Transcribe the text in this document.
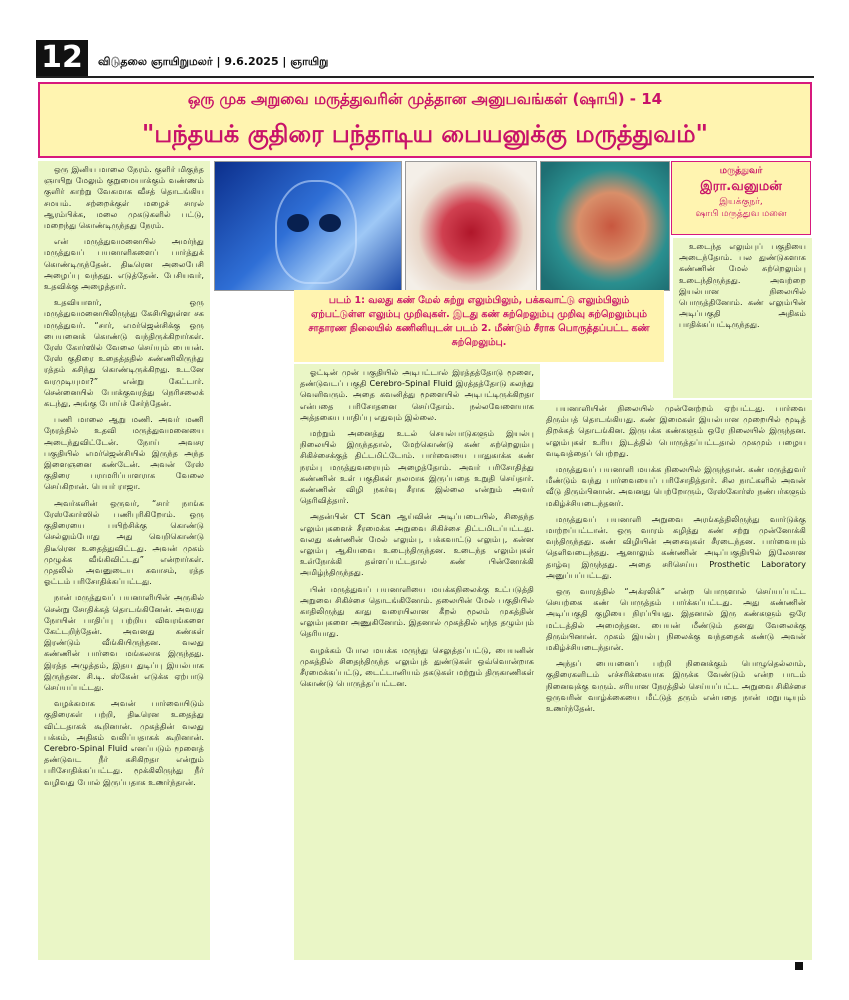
12	விடுதலை ஞாயிறுமலர் | 9.6.2025 | ஞாயிறு
ஒரு முக அறுவை மருத்துவரின் முத்தான அனுபவங்கள் (ஷாபி) - 14
"பந்தயக் குதிரை பந்தாடிய பையனுக்கு மருத்துவம்"

ஒரு இனிய மாலை நேரம். குளிர் மிகுந்த ஞாயிறு மேலும் குறுமையாக்கும் வண்ணம் குளிர் காற்று வேகமாக வீசத் தொடங்கிய சமயம். சற்றைக்குள் மழைச் சாரல் ஆரம்பிக்க, மலை முகடுகளில் பட்டு, மறைந்து கொண்டிருந்தது நேரம்.

என் மருத்துவமனையில் அமர்ந்து மருத்துவப் பயனாளிகளைப் பார்த்துக் கொண்டிருந்தேன். திடீரென அலைபேசி அழைப்பு வந்தது. எடுத்தேன். பேசியவர், உதவிக்கு அழைத்தார்.

உதவியாளர், ஒரு மருத்துவமனையிலிருந்து கேசியிலுள்ள சக மருத்துவர். “சார், எமர்ஜென்சிக்கு ஒரு பையனைக் கொண்டு வந்திருக்கிறார்கள். ரேஸ் கோர்ஸில் வேலை செய்யும் பையன். ரேஸ் குதிரை உதைத்ததில் கண்ணிலிருந்து ரத்தம் கசிந்து கொண்டிருக்கிறது. உடனே வரமுடியுமா?” என்று கேட்டார். சென்னையில் போக்குவரத்து நெரிசலைக் கடந்து, அங்கு போய்ச் சேர்ந்தேன்.

பணி மாலை ஆறு மணி. அவர் மணி நேரத்தில் உதவி மருத்துவமனையை அடைந்துவிட்டேன். நோய் அவசர பகுதியில் எமர்ஜென்சியில் இருந்த அந்த இளைஞனை கண்டேன். அவன் ரேஸ் குதிரை பராமரிப்பாளராக வேலை செய்கிறான். பெயர் ராஜா.

அவர்களின் ஒருவர், “சார் நாங்க ரேஸ்கோர்ஸில் பணிபுரிகிறோம். ஒரு குதிரையை பயிற்சிக்கு கொண்டு செல்லும்போது அது வெறிகொண்டு திடீரென உதைத்துவிட்டது. அவன் முகம் முழுக்க வீங்கிவிட்டது” என்றார்கள். முதலில் அவனுடைய சுவாசம், ரத்த ஓட்டம் பரிசோதிக்கப்பட்டது.

நான் மருத்துவப் பயனாளியின் அருகில் சென்று சோதிக்கத் தொடங்கினேன். அவரது நோயின் பாதிப்பு பற்றிய விவரங்களை கேட்டறிந்தேன். அவனது கண்கள் இரண்டும் வீங்கியிருந்தன. வலது கண்ணின் பார்வை மங்கலாக இருந்தது. இரத்த அழுத்தம், இதய துடிப்பு இயல்பாக இருந்தன. சி.டி. ஸ்கேன் எடுக்க ஏற்பாடு செய்யப்பட்டது.

வழக்கமாக அவன் பார்வையிடும் குதிரைகள் பற்றி, திடீரென உதைத்து விட்டதாகக் கூறினான். முகத்தின் வலது பக்கம், அதிகம் வலிப்பதாகக் கூறினான். Cerebro-Spinal Fluid எனப்படும் மூளைத் தண்டுவட நீர் கசிகிறதா என்றும் பரிசோதிக்கப்பட்டது. மூக்கிலிருந்து நீர் வழிவது போல் இருப்பதாக உணர்ந்தான்.

மருத்துவர்
இரா.வனுமன்
இயக்குநர்,
ஷாபி மருத்துவ மனை

உடைந்த எலும்புப் பகுதியை அடைந்தோம். பல துண்டுகளாக கண்ணின் மேல் சுற்றெலும்பு உடைந்திருந்தது. அவற்றை இயல்பான நிலையில் பொருத்தினோம். கண் எலும்பின் அடிப்பகுதி அதிகம் பாதிக்கப்பட்டிருந்தது.

படம் 1: வலது கண் மேல் சுற்று எலும்பிலும், பக்கவாட்டு எலும்பிலும் ஏற்பட்டுள்ள எலும்பு முறிவுகள். இடது கண் சுற்றெலும்பு முறிவு சுற்றெலும்பும் சாதாரண நிலையில் கணினியுடன் படம் 2. மீண்டும் சீராக பொருத்தப்பட்ட கண் சுற்றெலும்பு.

ஓட்டின் முன் பகுதியில் அடிபட்டால் இரத்தத்தோடு மூளை, தண்டுவடப் பகுதி Cerebro-Spinal Fluid இரத்தத்தோடு கலந்து வெளிவரும். அதை கவனித்து மூளையில் அடிபட்டிருக்கிறதா என்பதை பரிசோதனை செய்தோம். நல்லவேளையாக அத்தகைய பாதிப்பு எதுவும் இல்லை.

மற்றும் அனைத்து உடல் செயல்பாடுகளும் இயல்பு நிலையில் இருந்ததால், மேற்கொண்டு கண் சுற்றெலும்பு சிகிச்சைக்குத் திட்டமிட்டோம். பார்வையை பாதுகாக்க கண் நரம்பு மருத்துவரையும் அழைத்தோம். அவர் பரிசோதித்து கண்ணின் உள் பகுதிகள் நலமாக இருப்பதை உறுதி செய்தார். கண்ணின் விழி நகர்வு சீராக இல்லை என்றும் அவர் தெரிவித்தார்.

அதன்பின் CT Scan ஆய்வின் அடிப்படையில், சிதைந்த எலும்புகளைச் சீரமைக்க அறுவை சிகிச்சை திட்டமிடப்பட்டது. வலது கண்ணின் மேல் எலும்பு, பக்கவாட்டு எலும்பு, கன்ன எலும்பு ஆகியவை உடைந்திருந்தன. உடைந்த எலும்புகள் உள்நோக்கி தள்ளப்பட்டதால் கண் பின்னோக்கி அமிழ்ந்திருந்தது.

பின் மருத்துவப் பயனாளியை மயக்கநிலைக்கு உட்படுத்தி அறுவை சிகிச்சை தொடங்கினோம். தலையின் மேல் பகுதியில் காதிலிருந்து காது வரையிலான கீறல் மூலம் முகத்தின் எலும்புகளை அணுகினோம். இதனால் முகத்தில் எந்த தழும்பும் தெரியாது.

வழக்கம் போல மயக்க மருந்து செலுத்தப்பட்டு, பையனின் முகத்தில் சிதைந்திருந்த எலும்புத் துண்டுகள் ஒவ்வொன்றாக சீரமைக்கப்பட்டு, டைட்டானியம் தகடுகள் மற்றும் திருகாணிகள் கொண்டு பொருத்தப்பட்டன.

பயனாளியின் நிலையில் முன்னேற்றம் ஏற்பட்டது. பார்வை திரும்பத் தொடங்கியது. கண் இமைகள் இயல்பான முறையில் மூடித் திறக்கத் தொடங்கின. இருபக்க கண்களும் ஒரே நிலையில் இருந்தன. எலும்புகள் உரிய இடத்தில் பொருத்தப்பட்டதால் முகமும் பழைய வடிவத்தைப் பெற்றது.

மருத்துவப் பயனாளி மயக்க நிலையில் இருந்தான். கண் மருத்துவர் மீண்டும் வந்து பார்வையைப் பரிசோதித்தார். சில நாட்களில் அவன் வீடு திரும்பினான். அவனது பெற்றோரும், ரேஸ்கோர்ஸ் நண்பர்களும் மகிழ்ச்சியடைந்தனர்.

மருத்துவப் பயனாளி அறுவை அரங்கத்திலிருந்து வார்டுக்கு மாற்றப்பட்டான். ஒரு வாரம் கழித்து கண் சற்று முன்னோக்கி வந்திருந்தது. கண் விழியின் அசைவுகள் சீரடைந்தன. பார்வையும் தெளிவடைந்தது. ஆனாலும் கண்ணின் அடிப்பகுதியில் இலேசான தாழ்வு இருந்தது. அதை சரிசெய்ய Prosthetic Laboratory அனுப்பப்பட்டது.

ஒரு வாரத்தில் “அக்ரலிக்” என்ற பொருளால் செய்யப்பட்ட செயற்கை கண் பொருத்தம் பார்க்கப்பட்டது. அது கண்ணின் அடிப்பகுதி குழியை நிரப்பியது. இதனால் இரு கண்களும் ஒரே மட்டத்தில் அமைந்தன. பையன் மீண்டும் தனது வேலைக்கு திரும்பினான். முகம் இயல்பு நிலைக்கு வந்ததைக் கண்டு அவன் மகிழ்ச்சியடைந்தான்.

அந்தப் பையனைப் பற்றி நினைக்கும் பொழுதெல்லாம், குதிரைகளிடம் எச்சரிக்கையாக இருக்க வேண்டும் என்ற பாடம் நினைவுக்கு வரும். சரியான நேரத்தில் செய்யப்பட்ட அறுவை சிகிச்சை ஒருவரின் வாழ்க்கையை மீட்டுத் தரும் என்பதை நான் மறுபடியும் உணர்ந்தேன்.
